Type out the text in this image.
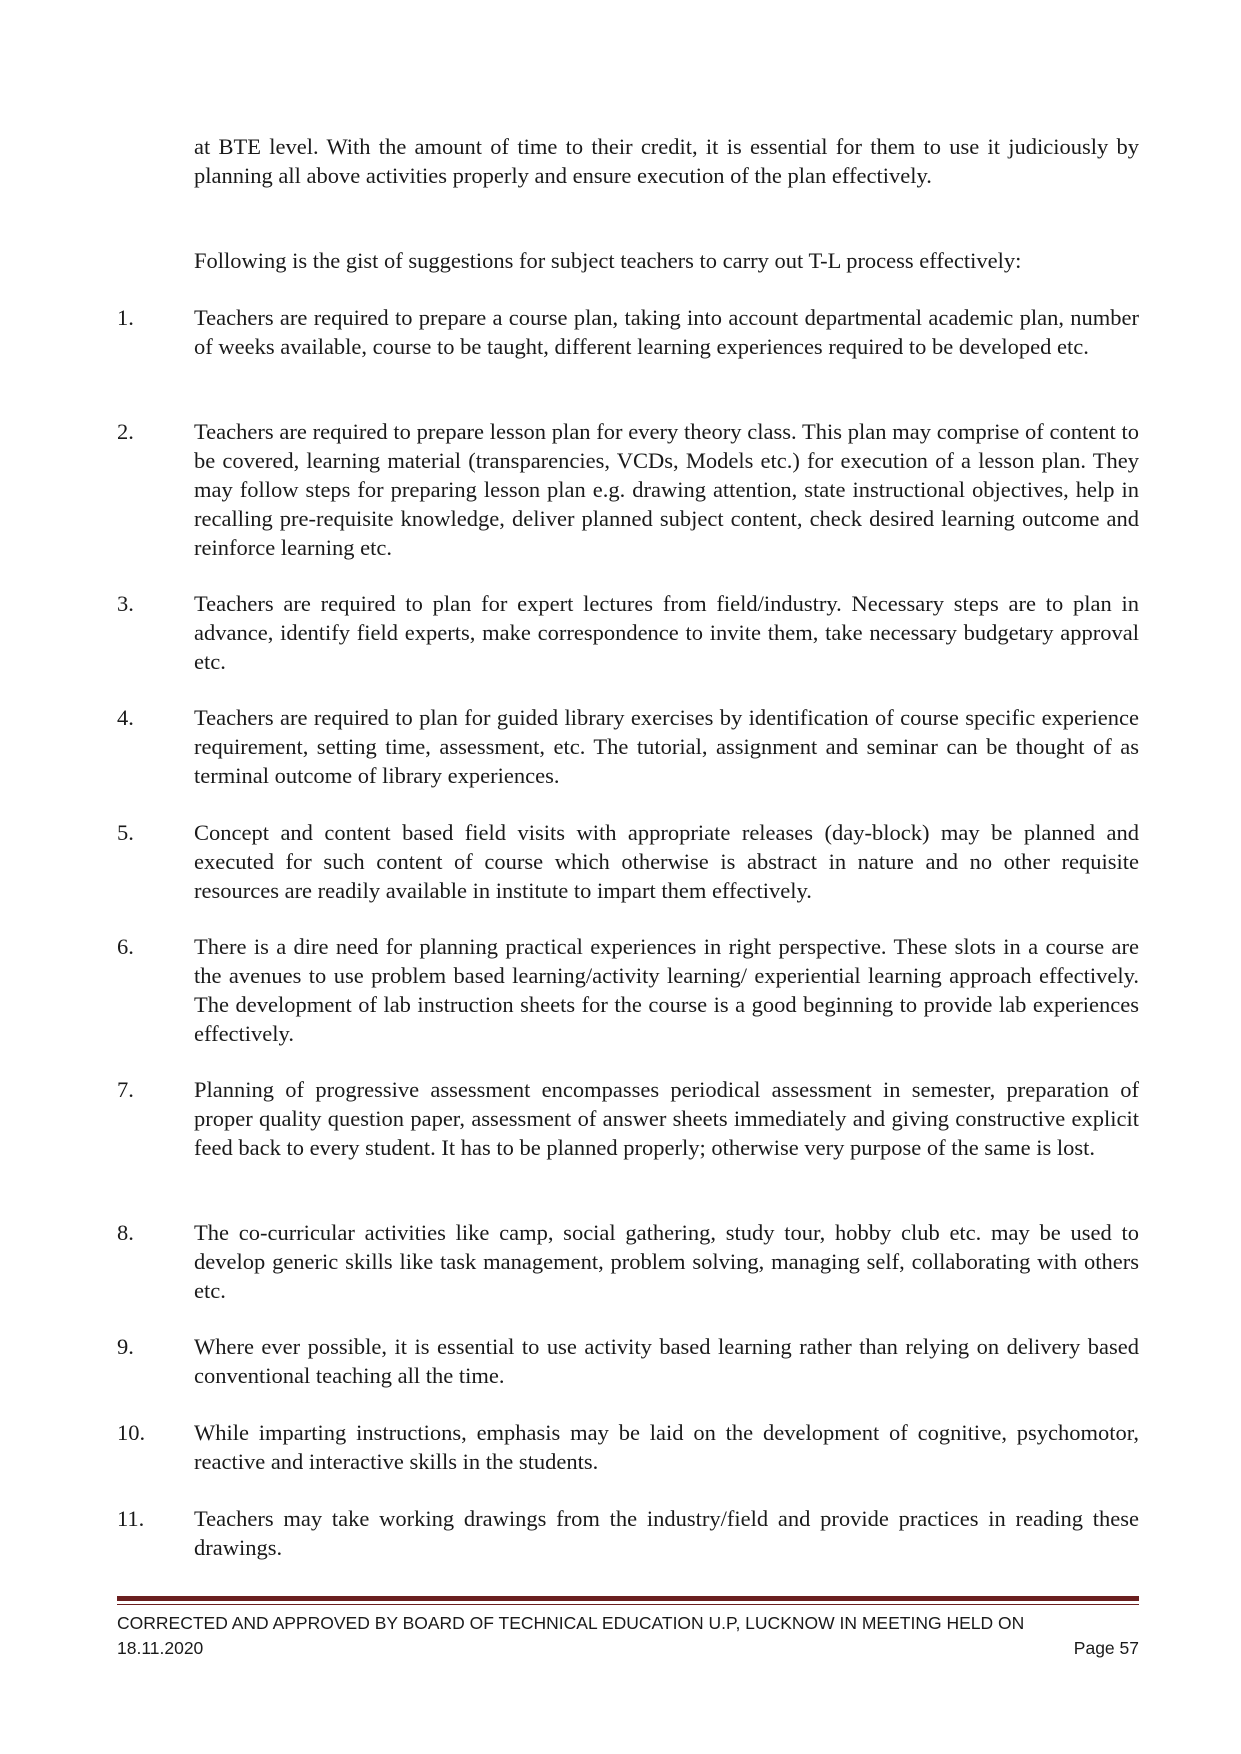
at BTE level. With the amount of time to their credit, it is essential for them to use it judiciously by planning all above activities properly and ensure execution of the plan effectively.

Following is the gist of suggestions for subject teachers to carry out T-L process effectively:

1.	Teachers are required to prepare a course plan, taking into account departmental academic plan, number of weeks available, course to be taught, different learning experiences required to be developed etc.

2.	Teachers are required to prepare lesson plan for every theory class. This plan may comprise of content to be covered, learning material (transparencies, VCDs, Models etc.) for execution of a lesson plan. They may follow steps for preparing lesson plan e.g. drawing attention, state instructional objectives, help in recalling pre-requisite knowledge, deliver planned subject content, check desired learning outcome and reinforce learning etc.

3.	Teachers are required to plan for expert lectures from field/industry. Necessary steps are to plan in advance, identify field experts, make correspondence to invite them, take necessary budgetary approval etc.

4.	Teachers are required to plan for guided library exercises by identification of course specific experience requirement, setting time, assessment, etc. The tutorial, assignment and seminar can be thought of as terminal outcome of library experiences.

5.	Concept and content based field visits with appropriate releases (day-block) may be planned and executed for such content of course which otherwise is abstract in nature and no other requisite resources are readily available in institute to impart them effectively.

6.	There is a dire need for planning practical experiences in right perspective. These slots in a course are the avenues to use problem based learning/activity learning/ experiential learning approach effectively. The development of lab instruction sheets for the course is a good beginning to provide lab experiences effectively.

7.	Planning of progressive assessment encompasses periodical assessment in semester, preparation of proper quality question paper, assessment of answer sheets immediately and giving constructive explicit feed back to every student. It has to be planned properly; otherwise very purpose of the same is lost.

8.	The co-curricular activities like camp, social gathering, study tour, hobby club etc. may be used to develop generic skills like task management, problem solving, managing self, collaborating with others etc.

9.	Where ever possible, it is essential to use activity based learning rather than relying on delivery based conventional teaching all the time.

10. While imparting instructions, emphasis may be laid on the development of cognitive, psychomotor, reactive and interactive skills in the students.

11. Teachers may take working drawings from the industry/field and provide practices in reading these drawings.

CORRECTED AND APPROVED BY BOARD OF TECHNICAL EDUCATION U.P, LUCKNOW IN MEETING HELD ON
18.11.2020	Page 57
